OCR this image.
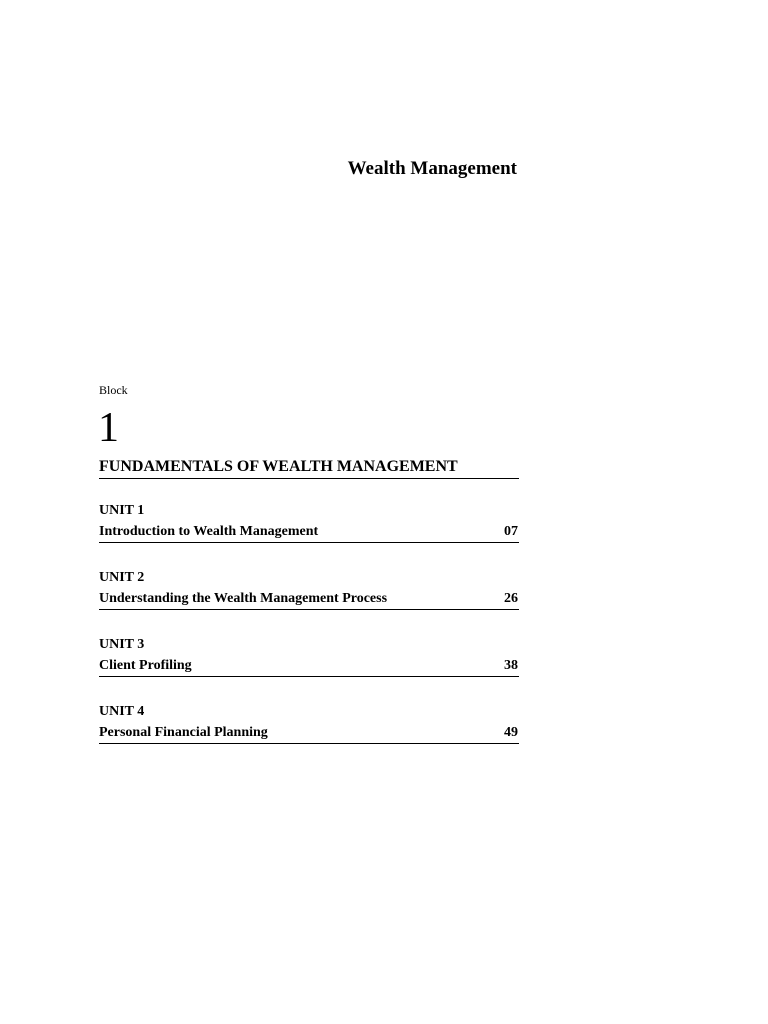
Wealth Management
Block
1
FUNDAMENTALS OF WEALTH MANAGEMENT
UNIT 1
Introduction to Wealth Management	07
UNIT 2
Understanding the Wealth Management Process	26
UNIT 3
Client Profiling	38
UNIT 4
Personal Financial Planning	49
